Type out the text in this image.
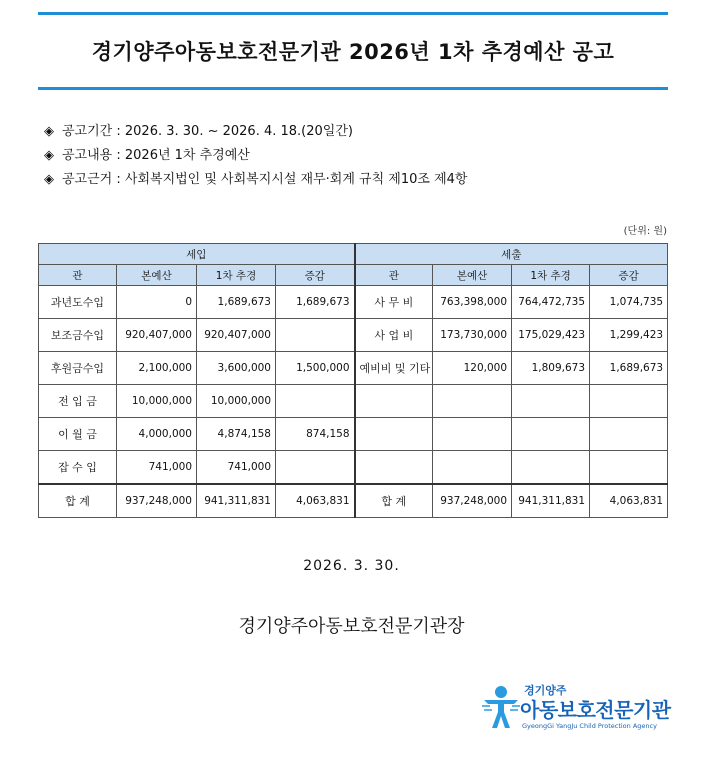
경기양주아동보호전문기관 2026년 1차 추경예산 공고
◈ 공고기간 : 2026. 3. 30. ~ 2026. 4. 18.(20일간)
◈ 공고내용 : 2026년 1차 추경예산
◈ 공고근거 : 사회복지법인 및 사회복지시설 재무·회계 규칙 제10조 제4항
(단위: 원)
세입				세출			
관	본예산	1차 추경	증감	관	본예산	1차 추경	증감
과년도수입	0	1,689,673	1,689,673	사 무 비	763,398,000	764,472,735	1,074,735
보조금수입	920,407,000	920,407,000		사 업 비	173,730,000	175,029,423	1,299,423
후원금수입	2,100,000	3,600,000	1,500,000	예비비 및 기타	120,000	1,809,673	1,689,673
전 입 금	10,000,000	10,000,000					
이 월 금	4,000,000	4,874,158	874,158				
잡 수 입	741,000	741,000					
합 계	937,248,000	941,311,831	4,063,831	합 계	937,248,000	941,311,831	4,063,831
2026. 3. 30.
경기양주아동보호전문기관장
경기양주
아동보호전문기관
GyeongGi YangJu Child Protection Agency
